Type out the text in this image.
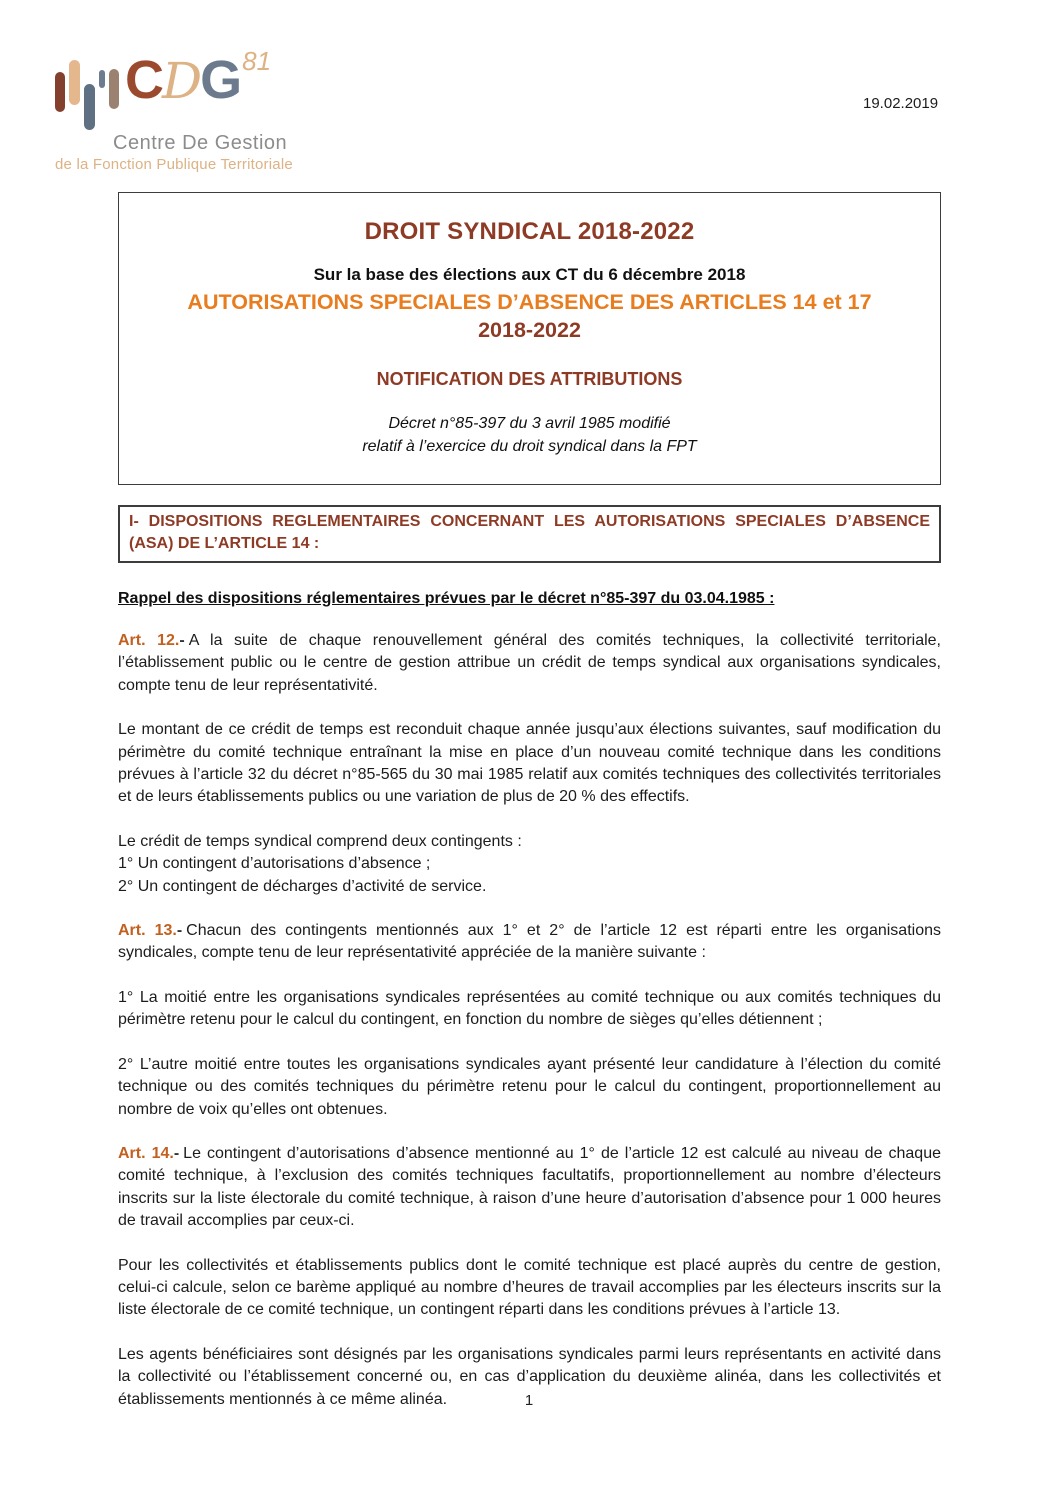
CDG81
Centre De Gestion
de la Fonction Publique Territoriale
19.02.2019
DROIT SYNDICAL 2018-2022
Sur la base des élections aux CT du 6 décembre 2018
AUTORISATIONS SPECIALES D’ABSENCE DES ARTICLES 14 et 17
2018-2022
NOTIFICATION DES ATTRIBUTIONS
Décret n°85-397 du 3 avril 1985 modifié
relatif à l’exercice du droit syndical dans la FPT
I- DISPOSITIONS REGLEMENTAIRES CONCERNANT LES AUTORISATIONS SPECIALES D’ABSENCE (ASA) DE L’ARTICLE 14 :
Rappel des dispositions réglementaires prévues par le décret n°85-397 du 03.04.1985 :

Art. 12.- A la suite de chaque renouvellement général des comités techniques, la collectivité territoriale, l’établissement public ou le centre de gestion attribue un crédit de temps syndical aux organisations syndicales, compte tenu de leur représentativité.

Le montant de ce crédit de temps est reconduit chaque année jusqu’aux élections suivantes, sauf modification du périmètre du comité technique entraînant la mise en place d’un nouveau comité technique dans les conditions prévues à l’article 32 du décret n°85-565 du 30 mai 1985 relatif aux comités techniques des collectivités territoriales et de leurs établissements publics ou une variation de plus de 20 % des effectifs.

Le crédit de temps syndical comprend deux contingents :
1° Un contingent d’autorisations d’absence ;
2° Un contingent de décharges d’activité de service.

Art. 13.- Chacun des contingents mentionnés aux 1° et 2° de l’article 12 est réparti entre les organisations syndicales, compte tenu de leur représentativité appréciée de la manière suivante :

1° La moitié entre les organisations syndicales représentées au comité technique ou aux comités techniques du périmètre retenu pour le calcul du contingent, en fonction du nombre de sièges qu’elles détiennent ;

2° L’autre moitié entre toutes les organisations syndicales ayant présenté leur candidature à l’élection du comité technique ou des comités techniques du périmètre retenu pour le calcul du contingent, proportionnellement au nombre de voix qu’elles ont obtenues.

Art. 14.- Le contingent d’autorisations d’absence mentionné au 1° de l’article 12 est calculé au niveau de chaque comité technique, à l’exclusion des comités techniques facultatifs, proportionnellement au nombre d’électeurs inscrits sur la liste électorale du comité technique, à raison d’une heure d’autorisation d’absence pour 1 000 heures de travail accomplies par ceux-ci.

Pour les collectivités et établissements publics dont le comité technique est placé auprès du centre de gestion, celui-ci calcule, selon ce barème appliqué au nombre d’heures de travail accomplies par les électeurs inscrits sur la liste électorale de ce comité technique, un contingent réparti dans les conditions prévues à l’article 13.

Les agents bénéficiaires sont désignés par les organisations syndicales parmi leurs représentants en activité dans la collectivité ou l’établissement concerné ou, en cas d’application du deuxième alinéa, dans les collectivités et établissements mentionnés à ce même alinéa.	1
